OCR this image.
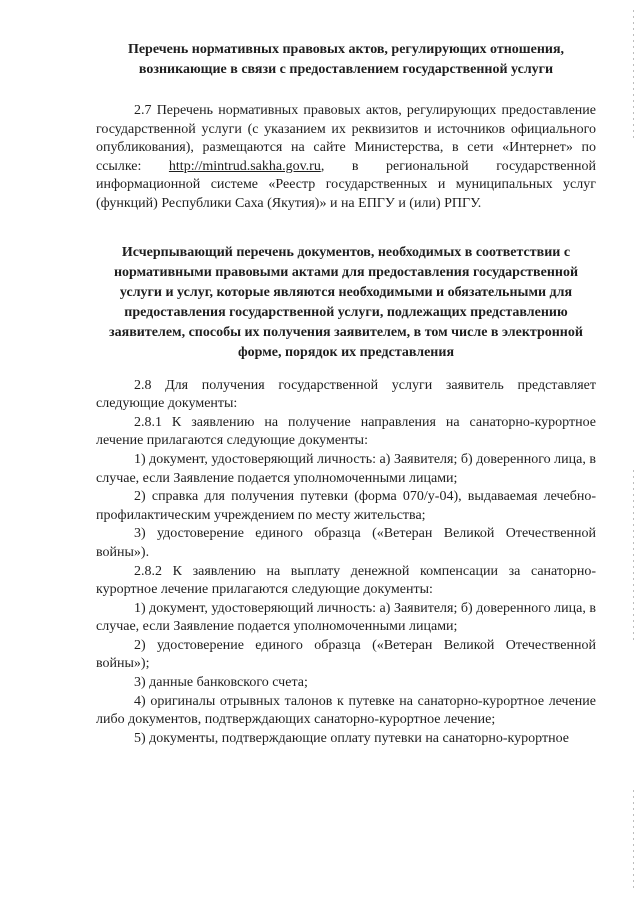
Перечень нормативных правовых актов, регулирующих отношения, возникающие в связи с предоставлением государственной услуги

2.7 Перечень нормативных правовых актов, регулирующих предоставление государственной услуги (с указанием их реквизитов и источников официального опубликования), размещаются на сайте Министерства, в сети «Интернет» по ссылке: http://mintrud.sakha.gov.ru, в региональной государственной информационной системе «Реестр государственных и муниципальных услуг (функций) Республики Саха (Якутия)» и на ЕПГУ и (или) РПГУ.

Исчерпывающий перечень документов, необходимых в соответствии с нормативными правовыми актами для предоставления государственной услуги и услуг, которые являются необходимыми и обязательными для предоставления государственной услуги, подлежащих представлению заявителем, способы их получения заявителем, в том числе в электронной форме, порядок их представления

2.8 Для получения государственной услуги заявитель представляет следующие документы:

2.8.1 К заявлению на получение направления на санаторно-курортное лечение прилагаются следующие документы:

1) документ, удостоверяющий личность: а) Заявителя; б) доверенного лица, в случае, если Заявление подается уполномоченными лицами;

2) справка для получения путевки (форма 070/у-04), выдаваемая лечебно-профилактическим учреждением по месту жительства;

3) удостоверение единого образца («Ветеран Великой Отечественной войны»).

2.8.2 К заявлению на выплату денежной компенсации за санаторно-курортное лечение прилагаются следующие документы:

1) документ, удостоверяющий личность: а) Заявителя; б) доверенного лица, в случае, если Заявление подается уполномоченными лицами;

2) удостоверение единого образца («Ветеран Великой Отечественной войны»);

3) данные банковского счета;

4) оригиналы отрывных талонов к путевке на санаторно-курортное лечение либо документов, подтверждающих санаторно-курортное лечение;

5) документы, подтверждающие оплату путевки на санаторно-курортное
